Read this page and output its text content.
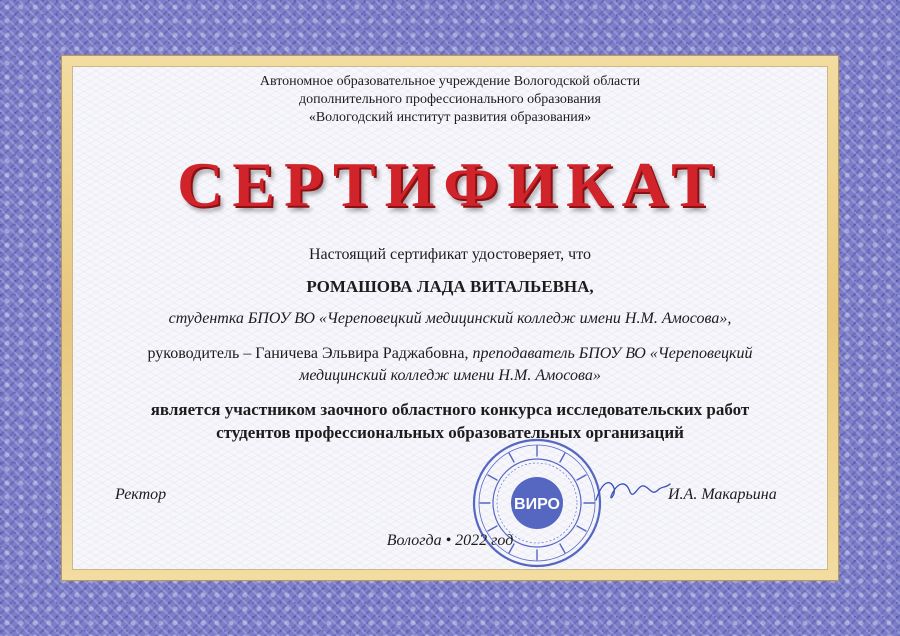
Автономное образовательное учреждение Вологодской области
дополнительного профессионального образования
«Вологодский институт развития образования»
СЕРТИФИКАТ
Настоящий сертификат удостоверяет, что
РОМАШОВА ЛАДА ВИТАЛЬЕВНА,
студентка БПОУ ВО «Череповецкий медицинский колледж имени Н.М. Амосова»,
руководитель – Ганичева Эльвира Раджабовна, преподаватель БПОУ ВО «Череповецкий
медицинский колледж имени Н.М. Амосова»
является участником заочного областного конкурса исследовательских работ
студентов профессиональных образовательных организаций
ВИРО
Ректор	И.А. Макарьина
Вологда • 2022 год
